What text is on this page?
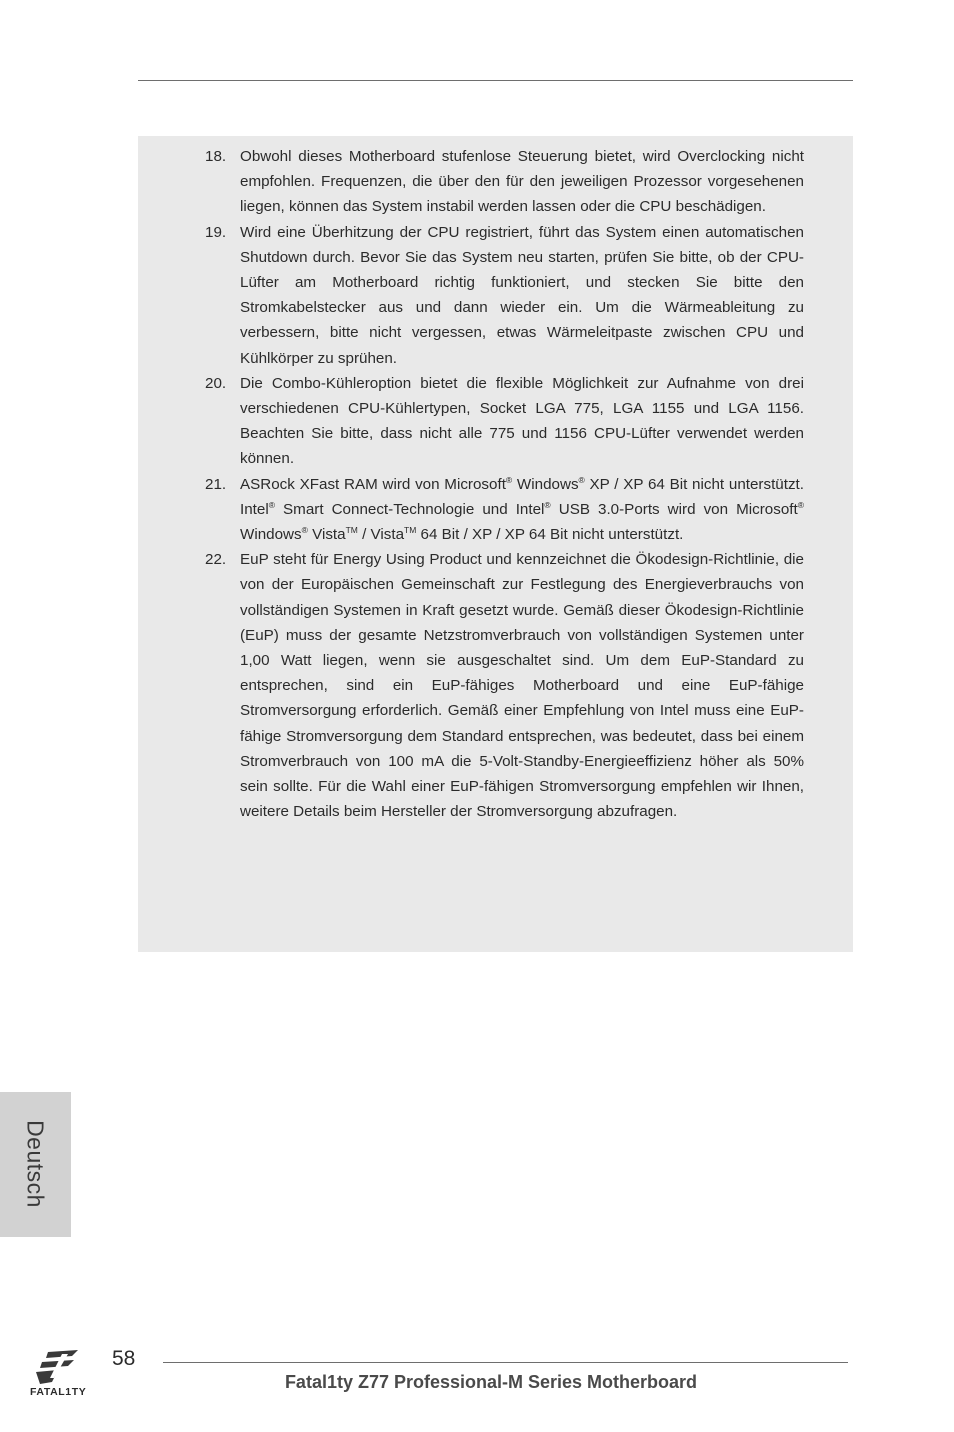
18. Obwohl dieses Motherboard stufenlose Steuerung bietet, wird Overclocking nicht empfohlen. Frequenzen, die über den für den jeweiligen Prozessor vorgesehenen liegen, können das System instabil werden lassen oder die CPU beschädigen.
19. Wird eine Überhitzung der CPU registriert, führt das System einen automatischen Shutdown durch. Bevor Sie das System neu starten, prüfen Sie bitte, ob der CPU-Lüfter am Motherboard richtig funktioniert, und stecken Sie bitte den Stromkabelstecker aus und dann wieder ein. Um die Wärmeableitung zu verbessern, bitte nicht vergessen, etwas Wärmeleitpaste zwischen CPU und Kühlkörper zu sprühen.
20. Die Combo-Kühleroption bietet die flexible Möglichkeit zur Aufnahme von drei verschiedenen CPU-Kühlertypen, Socket LGA 775, LGA 1155 und LGA 1156. Beachten Sie bitte, dass nicht alle 775 und 1156 CPU-Lüfter verwendet werden können.
21. ASRock XFast RAM wird von Microsoft® Windows® XP / XP 64 Bit nicht unterstützt. Intel® Smart Connect-Technologie und Intel® USB 3.0-Ports wird von Microsoft® Windows® Vista™ / Vista™ 64 Bit / XP / XP 64 Bit nicht unterstützt.
22. EuP steht für Energy Using Product und kennzeichnet die Ökodesign-Richtlinie, die von der Europäischen Gemeinschaft zur Festlegung des Energieverbrauchs von vollständigen Systemen in Kraft gesetzt wurde. Gemäß dieser Ökodesign-Richtlinie (EuP) muss der gesamte Netzstromverbrauch von vollständigen Systemen unter 1,00 Watt liegen, wenn sie ausgeschaltet sind. Um dem EuP-Standard zu entsprechen, sind ein EuP-fähiges Motherboard und eine EuP-fähige Stromversorgung erforderlich. Gemäß einer Empfehlung von Intel muss eine EuP-fähige Stromversorgung dem Standard entsprechen, was bedeutet, dass bei einem Stromverbrauch von 100 mA die 5-Volt-Standby-Energieeffizienz höher als 50% sein sollte. Für die Wahl einer EuP-fähigen Stromversorgung empfehlen wir Ihnen, weitere Details beim Hersteller der Stromversorgung abzufragen.
Deutsch
FATAL1TY
58
Fatal1ty Z77 Professional-M Series Motherboard
